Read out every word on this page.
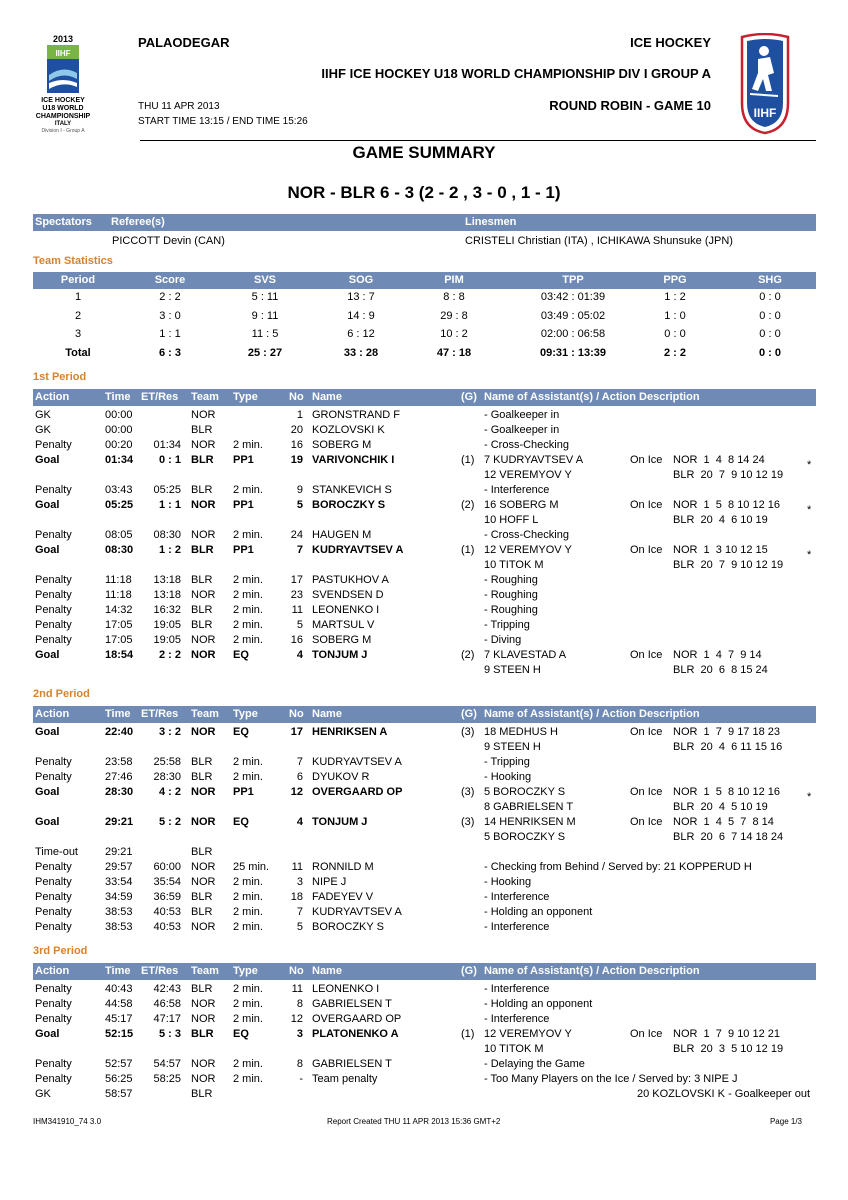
2013
IIHF
ICE HOCKEY
U18 WORLD
CHAMPIONSHIP
ITALY
Division I - Group A
PALAODEGAR	ICE HOCKEY
IIHF ICE HOCKEY U18 WORLD CHAMPIONSHIP DIV I GROUP A
THU 11 APR 2013
START TIME 13:15 / END TIME 15:26
ROUND ROBIN - GAME 10	IIHF
GAME SUMMARY
NOR - BLR 6 - 3 (2 - 2 , 3 - 0 , 1 - 1)
Spectators Referee(s)	Linesmen
PICCOTT Devin (CAN)	CRISTELI Christian (ITA) , ICHIKAWA Shunsuke (JPN)
Team Statistics
Period	Score	SVS	SOG	PIM	TPP	PPG	SHG
1	2 : 2	5 : 11	13 : 7	8 : 8	03:42 : 01:39	1 : 2	0 : 0
2	3 : 0	9 : 11	14 : 9	29 : 8	03:49 : 05:02	1 : 0	0 : 0
3	1 : 1	11 : 5	6 : 12	10 : 2	02:00 : 06:58	0 : 0	0 : 0
Total	6 : 3	25 : 27	33 : 28	47 : 18	09:31 : 13:39	2 : 2	0 : 0
1st Period
Action	Time ET/Res Team Type	No Name	(G) Name of Assistant(s) / Action Description
GK	00:00	NOR	1 GRONSTRAND F	- Goalkeeper in
GK	00:00	BLR	20 KOZLOVSKI K	- Goalkeeper in
Penalty	00:20	01:34 NOR 2 min.	16 SOBERG M	- Cross-Checking
Goal	01:34	0 : 1 BLR PP1	19 VARIVONCHIK I	(1) 7 KUDRYAVTSEV A	On Ice NOR  1  4  8 14 24	*
12 VEREMYOV Y	BLR  20  7  9 10 12 19
Penalty	03:43	05:25 BLR 2 min.	9 STANKEVICH S	- Interference
Goal	05:25	1 : 1 NOR PP1	5 BOROCZKY S	(2) 16 SOBERG M	On Ice NOR  1  5  8 10 12 16 *
10 HOFF L	BLR  20  4  6 10 19
Penalty	08:05	08:30 NOR 2 min.	24 HAUGEN M	- Cross-Checking
Goal	08:30	1 : 2 BLR PP1	7 KUDRYAVTSEV A	(1) 12 VEREMYOV Y	On Ice NOR  1  3 10 12 15	*
10 TITOK M	BLR  20  7  9 10 12 19
Penalty	11:18	13:18 BLR 2 min.	17 PASTUKHOV A	- Roughing
Penalty	11:18	13:18 NOR 2 min.	23 SVENDSEN D	- Roughing
Penalty	14:32	16:32 BLR 2 min.	11 LEONENKO I	- Roughing
Penalty	17:05	19:05 BLR 2 min.	5 MARTSUL V	- Tripping
Penalty	17:05	19:05 NOR 2 min.	16 SOBERG M	- Diving
Goal	18:54	2 : 2 NOR EQ	4 TONJUM J	(2) 7 KLAVESTAD A	On Ice NOR  1  4  7  9 14
9 STEEN H	BLR  20  6  8 15 24
2nd Period
Action	Time ET/Res Team Type	No Name	(G) Name of Assistant(s) / Action Description
Goal	22:40	3 : 2 NOR EQ	17 HENRIKSEN A	(3) 18 MEDHUS H	On Ice NOR  1  7  9 17 18 23
9 STEEN H	BLR  20  4  6 11 15 16
Penalty	23:58	25:58 BLR 2 min.	7 KUDRYAVTSEV A	- Tripping
Penalty	27:46	28:30 BLR 2 min.	6 DYUKOV R	- Hooking
Goal	28:30	4 : 2 NOR PP1	12 OVERGAARD OP	(3) 5 BOROCZKY S	On Ice NOR  1  5  8 10 12 16 *
8 GABRIELSEN T	BLR  20  4  5 10 19
Goal	29:21	5 : 2 NOR EQ	4 TONJUM J	(3) 14 HENRIKSEN M	On Ice NOR  1  4  5  7  8 14
5 BOROCZKY S	BLR  20  6  7 14 18 24
Time-out 29:21	BLR
Penalty	29:57	60:00 NOR 25 min.	11 RONNILD M	- Checking from Behind / Served by: 21 KOPPERUD H
Penalty	33:54	35:54 NOR 2 min.	3 NIPE J	- Hooking
Penalty	34:59	36:59 BLR 2 min.	18 FADEYEV V	- Interference
Penalty	38:53	40:53 BLR 2 min.	7 KUDRYAVTSEV A	- Holding an opponent
Penalty	38:53	40:53 NOR 2 min.	5 BOROCZKY S	- Interference
3rd Period
Action	Time ET/Res Team Type	No Name	(G) Name of Assistant(s) / Action Description
Penalty	40:43	42:43 BLR 2 min.	11 LEONENKO I	- Interference
Penalty	44:58	46:58 NOR 2 min.	8 GABRIELSEN T	- Holding an opponent
Penalty	45:17	47:17 NOR 2 min.	12 OVERGAARD OP	- Interference
Goal	52:15	5 : 3 BLR EQ	3 PLATONENKO A	(1) 12 VEREMYOV Y	On Ice NOR  1  7  9 10 12 21
10 TITOK M	BLR  20  3  5 10 12 19
Penalty	52:57	54:57 NOR 2 min.	8 GABRIELSEN T	- Delaying the Game
Penalty	56:25	58:25 NOR 2 min.	- Team penalty	- Too Many Players on the Ice / Served by: 3 NIPE J
GK	58:57	BLR	20 KOZLOVSKI K - Goalkeeper out
IHM341910_74 3.0	Report Created THU 11 APR 2013 15:36 GMT+2	Page 1/3
